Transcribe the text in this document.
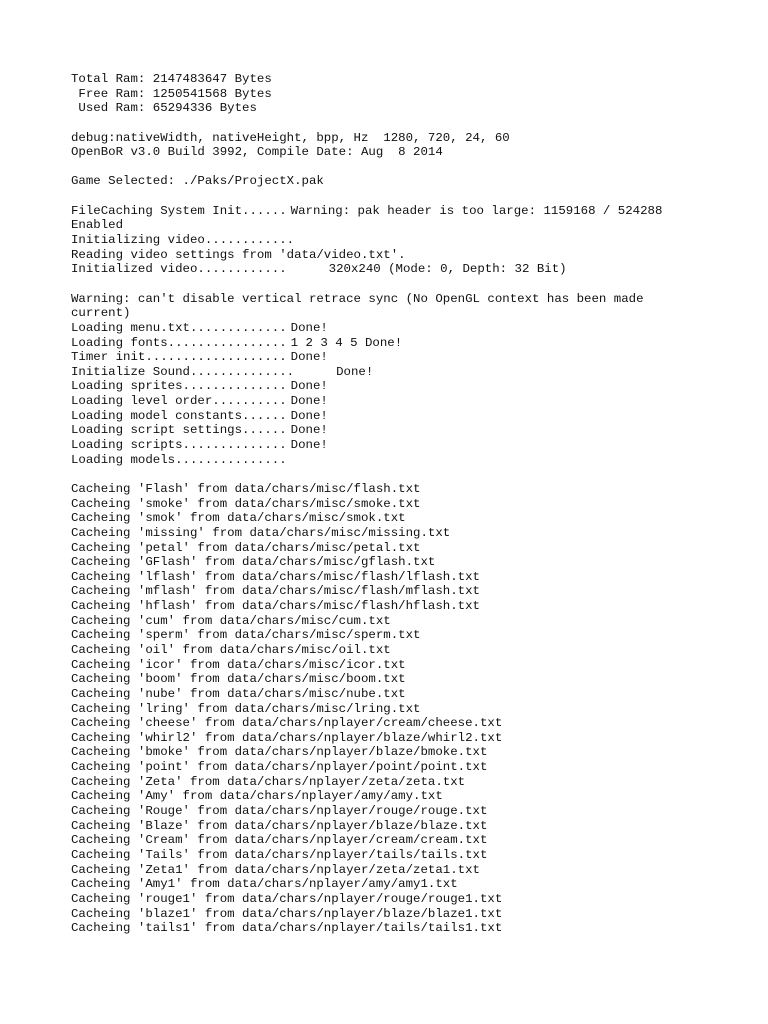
Total Ram: 2147483647 Bytes
Free Ram: 1250541568 Bytes
Used Ram: 65294336 Bytes
debug:nativeWidth, nativeHeight, bpp, Hz  1280, 720, 24, 60
OpenBoR v3.0 Build 3992, Compile Date: Aug  8 2014
Game Selected: ./Paks/ProjectX.pak
FileCaching System Init...... Warning: pak header is too large: 1159168 / 524288
Enabled
Initializing video............
Reading video settings from 'data/video.txt'.
Initialized video............	320x240 (Mode: 0, Depth: 32 Bit)
Warning: can't disable vertical retrace sync (No OpenGL context has been made
current)
Loading menu.txt............. Done!
Loading fonts................ 1 2 3 4 5 Done!
Timer init................... Done!
Initialize Sound..............	Done!
Loading sprites.............. Done!
Loading level order.......... Done!
Loading model constants...... Done!
Loading script settings...... Done!
Loading scripts.............. Done!
Loading models...............
Cacheing 'Flash' from data/chars/misc/flash.txt
Cacheing 'smoke' from data/chars/misc/smoke.txt
Cacheing 'smok' from data/chars/misc/smok.txt
Cacheing 'missing' from data/chars/misc/missing.txt
Cacheing 'petal' from data/chars/misc/petal.txt
Cacheing 'GFlash' from data/chars/misc/gflash.txt
Cacheing 'lflash' from data/chars/misc/flash/lflash.txt
Cacheing 'mflash' from data/chars/misc/flash/mflash.txt
Cacheing 'hflash' from data/chars/misc/flash/hflash.txt
Cacheing 'cum' from data/chars/misc/cum.txt
Cacheing 'sperm' from data/chars/misc/sperm.txt
Cacheing 'oil' from data/chars/misc/oil.txt
Cacheing 'icor' from data/chars/misc/icor.txt
Cacheing 'boom' from data/chars/misc/boom.txt
Cacheing 'nube' from data/chars/misc/nube.txt
Cacheing 'lring' from data/chars/misc/lring.txt
Cacheing 'cheese' from data/chars/nplayer/cream/cheese.txt
Cacheing 'whirl2' from data/chars/nplayer/blaze/whirl2.txt
Cacheing 'bmoke' from data/chars/nplayer/blaze/bmoke.txt
Cacheing 'point' from data/chars/nplayer/point/point.txt
Cacheing 'Zeta' from data/chars/nplayer/zeta/zeta.txt
Cacheing 'Amy' from data/chars/nplayer/amy/amy.txt
Cacheing 'Rouge' from data/chars/nplayer/rouge/rouge.txt
Cacheing 'Blaze' from data/chars/nplayer/blaze/blaze.txt
Cacheing 'Cream' from data/chars/nplayer/cream/cream.txt
Cacheing 'Tails' from data/chars/nplayer/tails/tails.txt
Cacheing 'Zeta1' from data/chars/nplayer/zeta/zeta1.txt
Cacheing 'Amy1' from data/chars/nplayer/amy/amy1.txt
Cacheing 'rouge1' from data/chars/nplayer/rouge/rouge1.txt
Cacheing 'blaze1' from data/chars/nplayer/blaze/blaze1.txt
Cacheing 'tails1' from data/chars/nplayer/tails/tails1.txt
